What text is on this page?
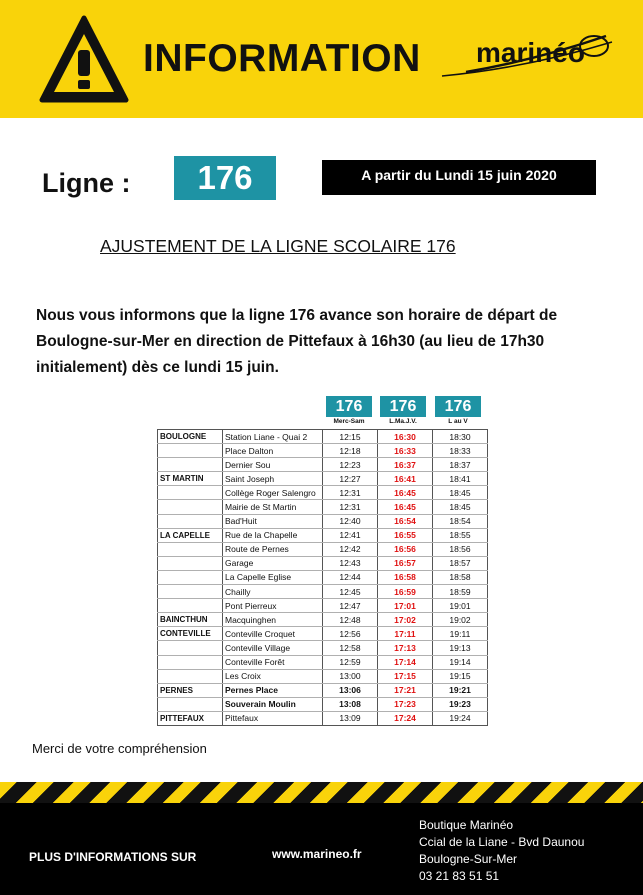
INFORMATION marinéo
Ligne :	176	A partir du Lundi 15 juin 2020
AJUSTEMENT DE LA LIGNE SCOLAIRE 176
Nous vous informons que la ligne 176 avance son horaire de départ de Boulogne-sur-Mer en direction de Pittefaux à 16h30 (au lieu de 17h30 initialement) dès ce lundi 15 juin.
176	176	176
Merc-Sam	L.Ma.J.V.	L au V
BOULOGNE	Station Liane - Quai 2	12:15	16:30	18:30
	Place Dalton	12:18	16:33	18:33
	Dernier Sou	12:23	16:37	18:37
ST MARTIN	Saint Joseph	12:27	16:41	18:41
	Collège Roger Salengro	12:31	16:45	18:45
	Mairie de St Martin	12:31	16:45	18:45
	Bad'Huit	12:40	16:54	18:54
LA CAPELLE	Rue de la Chapelle	12:41	16:55	18:55
	Route de Pernes	12:42	16:56	18:56
	Garage	12:43	16:57	18:57
	La Capelle Eglise	12:44	16:58	18:58
	Chailly	12:45	16:59	18:59
	Pont Pierreux	12:47	17:01	19:01
BAINCTHUN	Macquinghen	12:48	17:02	19:02
CONTEVILLE	Conteville Croquet	12:56	17:11	19:11
	Conteville Village	12:58	17:13	19:13
	Conteville Forêt	12:59	17:14	19:14
	Les Croix	13:00	17:15	19:15
PERNES	Pernes Place	13:06	17:21	19:21
	Souverain Moulin	13:08	17:23	19:23
PITTEFAUX	Pittefaux	13:09	17:24	19:24
Merci de votre compréhension
PLUS D'INFORMATIONS SUR	www.marineo.fr
Boutique Marinéo
Ccial de la Liane - Bvd Daunou
Boulogne-Sur-Mer
03 21 83 51 51
